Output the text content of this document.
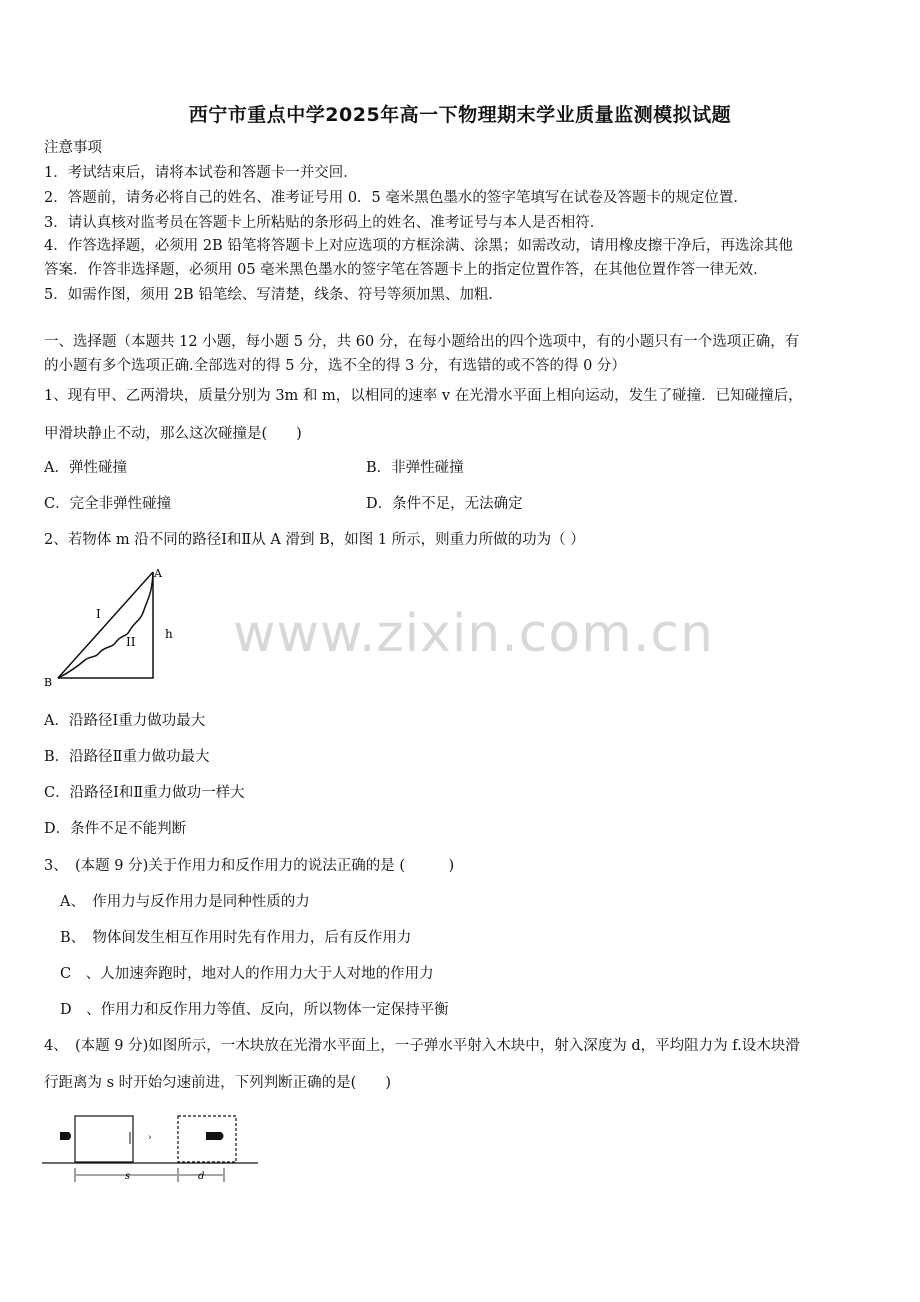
西宁市重点中学2025年高一下物理期末学业质量监测模拟试题
注意事项
1．考试结束后，请将本试卷和答题卡一并交回．
2．答题前，请务必将自己的姓名、准考证号用 0．5 毫米黑色墨水的签字笔填写在试卷及答题卡的规定位置．
3．请认真核对监考员在答题卡上所粘贴的条形码上的姓名、准考证号与本人是否相符．
4．作答选择题，必须用 2B 铅笔将答题卡上对应选项的方框涂满、涂黑；如需改动，请用橡皮擦干净后，再选涂其他
答案．作答非选择题，必须用 05 毫米黑色墨水的签字笔在答题卡上的指定位置作答，在其他位置作答一律无效．
5．如需作图，须用 2B 铅笔绘、写清楚，线条、符号等须加黑、加粗．
一、选择题（本题共 12 小题，每小题 5 分，共 60 分，在每小题给出的四个选项中，有的小题只有一个选项正确，有
的小题有多个选项正确.全部选对的得 5 分，选不全的得 3 分，有选错的或不答的得 0 分）
1、现有甲、乙两滑块，质量分别为 3m 和 m，以相同的速率 v 在光滑水平面上相向运动，发生了碰撞．已知碰撞后，
甲滑块静止不动，那么这次碰撞是(　　)
A．弹性碰撞	B．非弹性碰撞
C．完全非弹性碰撞	D．条件不足，无法确定
2、若物体 m 沿不同的路径Ⅰ和Ⅱ从 A 滑到 B，如图 1 所示，则重力所做的功为（ ）
A
B
h
I
II www.zixin.com.cn
A．沿路径Ⅰ重力做功最大
B．沿路径Ⅱ重力做功最大
C．沿路径Ⅰ和Ⅱ重力做功一样大
D．条件不足不能判断
3、　(本题 9 分)关于作用力和反作用力的说法正确的是 (　　　)
A、　作用力与反作用力是同种性质的力
B、　物体间发生相互作用时先有作用力，后有反作用力
C　、人加速奔跑时，地对人的作用力大于人对地的作用力
D　、作用力和反作用力等值、反向，所以物体一定保持平衡
4、　(本题 9 分)如图所示，一木块放在光滑水平面上，一子弹水平射入木块中，射入深度为 d，平均阻力为 f.设木块滑
行距离为 s 时开始匀速前进，下列判断正确的是(　　)
›
s	d
